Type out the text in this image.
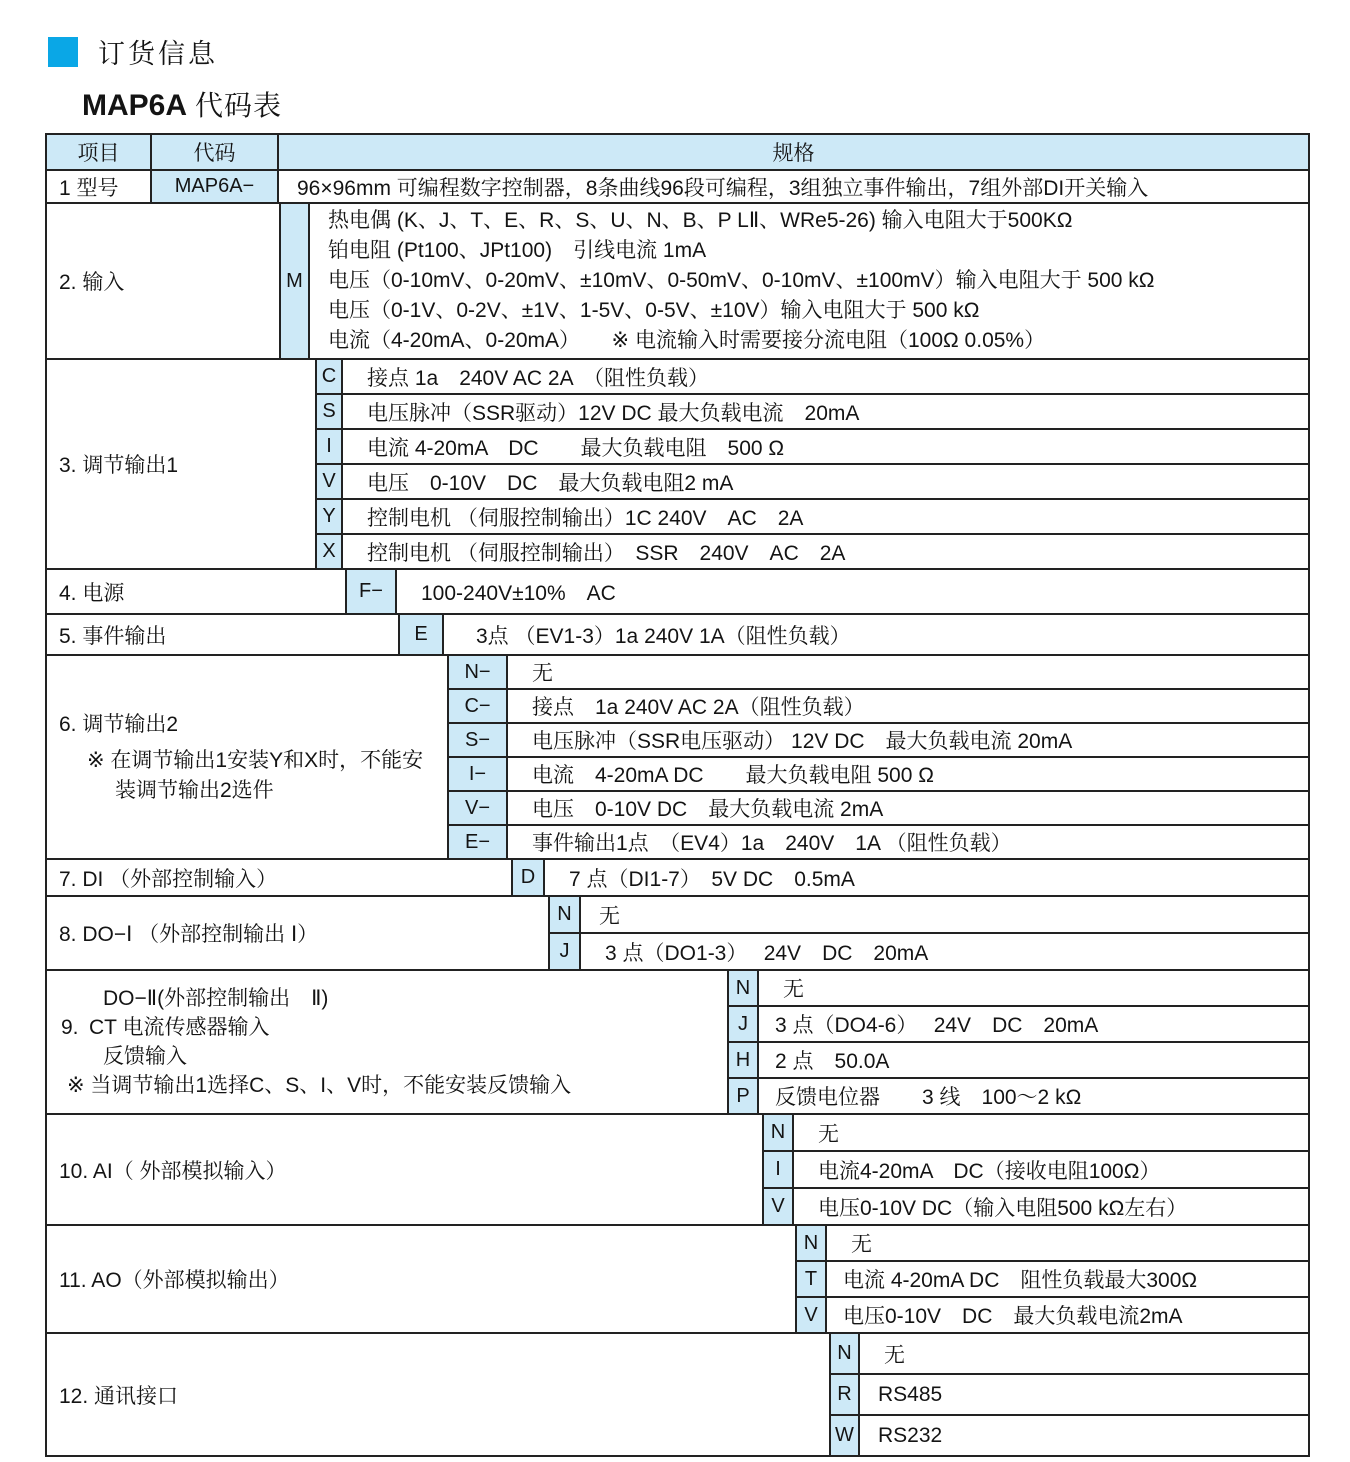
订货信息
MAP6A 代码表
项目	代码	规格
1 型号	MAP6A−	96×96mm 可编程数字控制器，8条曲线96段可编程，3组独立事件输出，7组外部DI开关输入
2. 输入	M
热电偶 (K、J、T、E、R、S、U、N、B、P LⅡ、WRe5-26) 输入电阻大于500KΩ
铂电阻 (Pt100、JPt100)　引线电流 1mA
电压（0-10mV、0-20mV、±10mV、0-50mV、0-10mV、±100mV）输入电阻大于 500 kΩ
电压（0-1V、0-2V、±1V、1-5V、0-5V、±10V）输入电阻大于 500 kΩ
电流（4-20mA、0-20mA）　　※ 电流输入时需要接分流电阻（100Ω 0.05%）
3. 调节输出1
C	接点 1a　240V AC 2A　（阻性负载）
S	电压脉冲（SSR驱动）12V DC 最大负载电流　20mA
I	电流 4-20mA　DC　　最大负载电阻　500 Ω
V	电压　0-10V　DC　最大负载电阻2 mA
Y	控制电机 （伺服控制输出）1C 240V　AC　2A
X	控制电机 （伺服控制输出）　SSR　240V　AC　2A
4. 电源	F−	100-240V±10%　AC
5. 事件输出	E	3点 （EV1-3）1a 240V 1A（阻性负载）
6. 调节输出2
※ 在调节输出1安装Y和X时，不能安装调节输出2选件
N−	无
C−	接点　1a 240V AC 2A（阻性负载）
S−	电压脉冲（SSR电压驱动） 12V DC　最大负载电流 20mA
I−	电流　4-20mA DC　　最大负载电阻 500 Ω
V−	电压　0-10V DC　最大负载电流 2mA
E−	事件输出1点　（EV4）1a　240V　1A （阻性负载）
7. DI （外部控制输入）	D	7 点（DI1-7）　5V DC　0.5mA
8. DO−Ⅰ （外部控制输出 Ⅰ）
N	无
J	3 点（DO1-3）　 24V　DC　20mA
DO−Ⅱ(外部控制输出　Ⅱ)
9. CT 电流传感器输入
反馈输入
※ 当调节输出1选择C、S、I、V时，不能安装反馈输入
N	无
J	3 点（DO4-6）　 24V　DC　20mA
H	2 点　50.0A
P	反馈电位器　　3 线　100～2 kΩ
10. AI（ 外部模拟输入）
N	无
I	电流4-20mA　DC（接收电阻100Ω）
V	电压0-10V DC（输入电阻500 kΩ左右）
11. AO（外部模拟输出）
N	无
T	电流 4-20mA DC　阻性负载最大300Ω
V	电压0-10V　DC　最大负载电流2mA
12. 通讯接口
N	无
R	RS485
W	RS232
